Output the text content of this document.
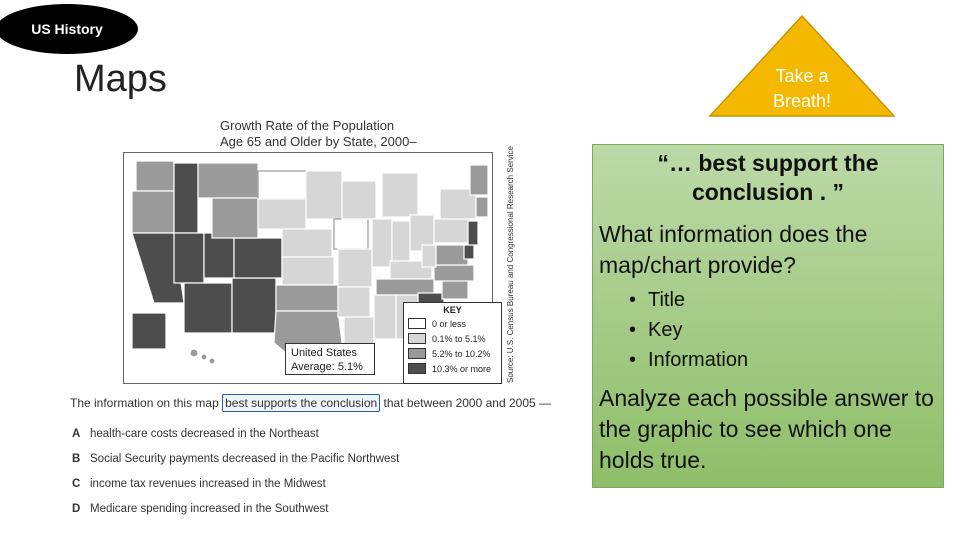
US History
Maps	Take a
Breath!
Growth Rate of the Population
Age 65 and Older by State, 2000–
Source: U.S. Census Bureau and Congressional Research Service
United States
Average: 5.1%
KEY
0 or less
0.1% to 5.1%
5.2% to 10.2%
10.3% or more
The information on this map best supports the conclusion that between 2000 and 2005 —
A health-care costs decreased in the Northeast
B Social Security payments decreased in the Pacific Northwest
C income tax revenues increased in the Midwest
D Medicare spending increased in the Southwest
“… best support the
conclusion . ”
What information does the map/chart provide?
• Title
• Key
• Information
Analyze each possible answer to the graphic to see which one holds true.
